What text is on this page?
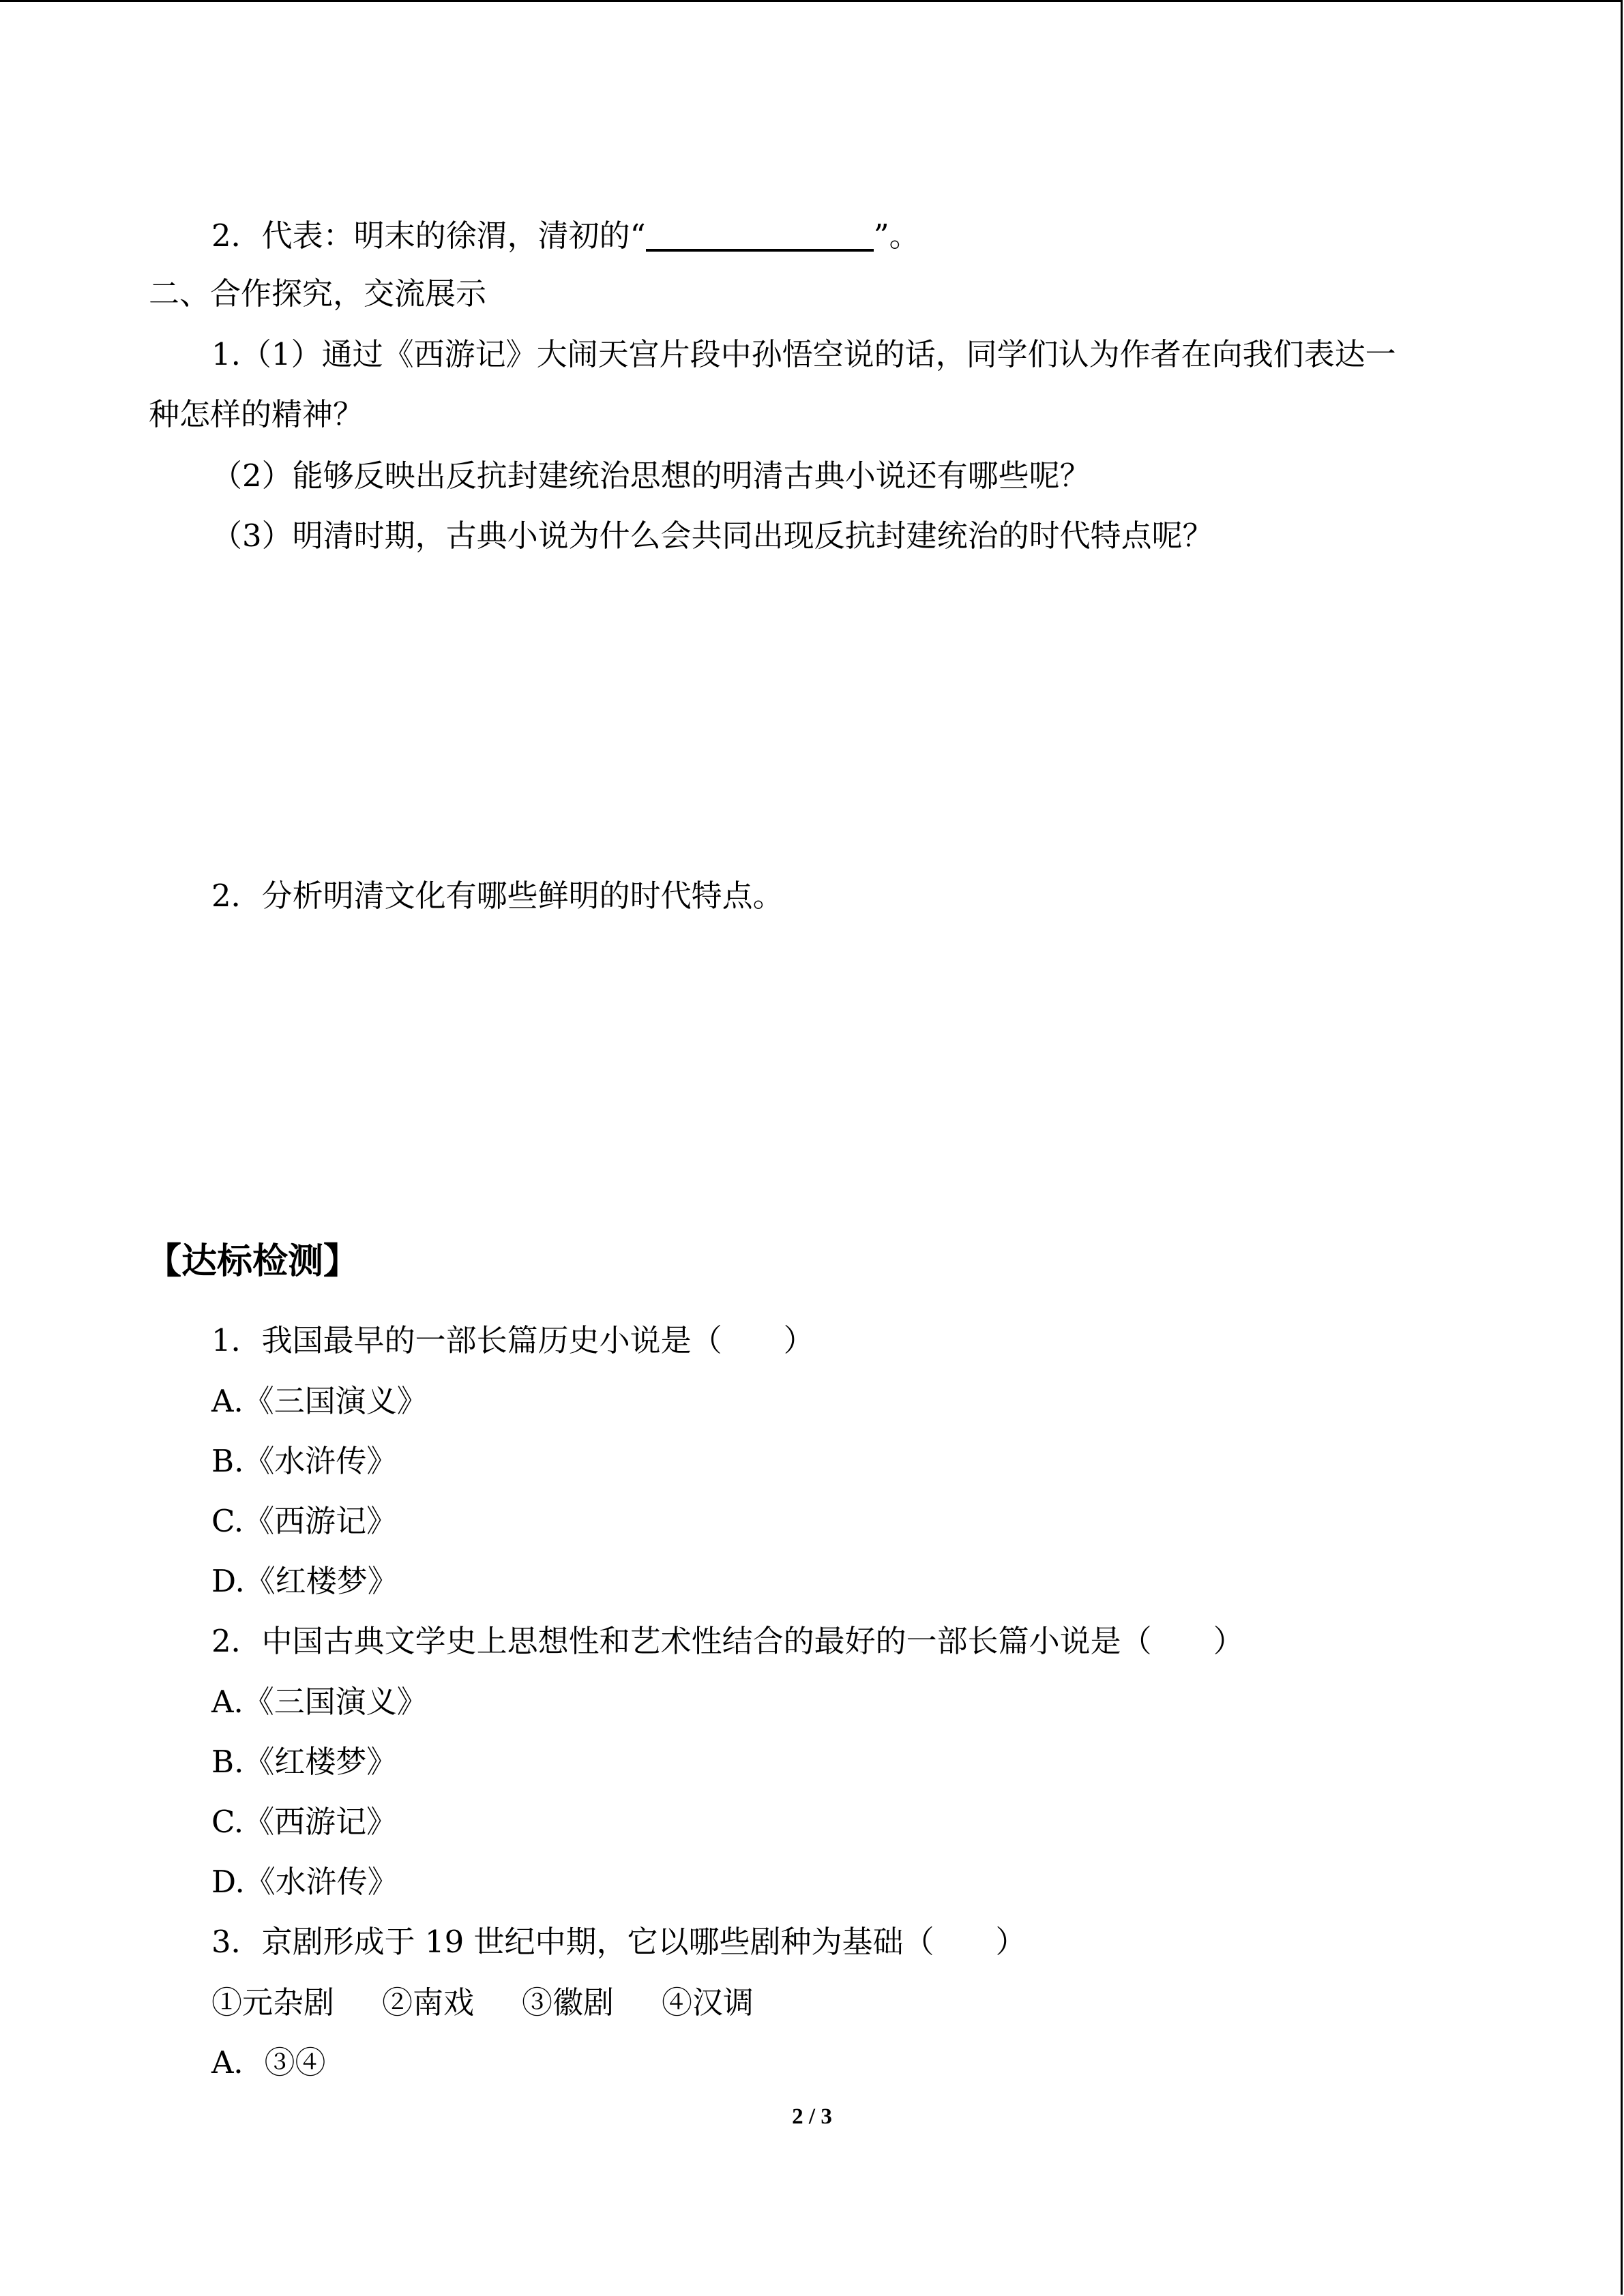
2．代表：明末的徐渭，清初的“	”。
二、合作探究，交流展示
1.（1）通过《西游记》大闹天宫片段中孙悟空说的话，同学们认为作者在向我们表达一
种怎样的精神？
（2）能够反映出反抗封建统治思想的明清古典小说还有哪些呢？
（3）明清时期，古典小说为什么会共同出现反抗封建统治的时代特点呢？
2．分析明清文化有哪些鲜明的时代特点。
【达标检测】
1．我国最早的一部长篇历史小说是（　　）
A.《三国演义》
B.《水浒传》
C.《西游记》
D.《红楼梦》
2．中国古典文学史上思想性和艺术性结合的最好的一部长篇小说是（　　）
A.《三国演义》
B.《红楼梦》
C.《西游记》
D.《水浒传》
3．京剧形成于 19 世纪中期，它以哪些剧种为基础（　　）
①元杂剧 ②南戏 ③徽剧 ④汉调
A．③④
2 / 3
